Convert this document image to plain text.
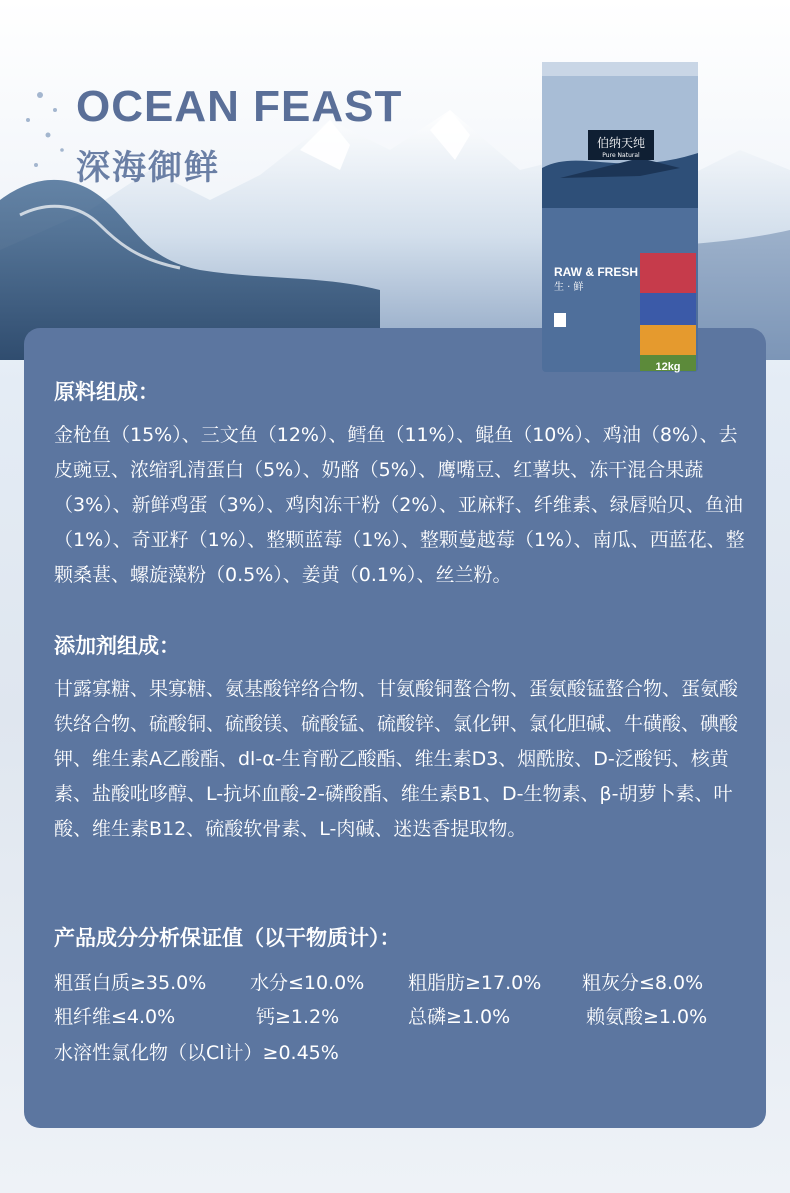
OCEAN FEAST
深海御鲜
伯纳天纯
Pure Natural
RAW & FRESH
生 · 鲜
12kg
原料组成：

金枪鱼（15%）、三文鱼（12%）、鳕鱼（11%）、鲲鱼（10%）、鸡油（8%）、去皮豌豆、浓缩乳清蛋白（5%）、奶酪（5%）、鹰嘴豆、红薯块、冻干混合果蔬（3%）、新鲜鸡蛋（3%）、鸡肉冻干粉（2%）、亚麻籽、纤维素、绿唇贻贝、鱼油（1%）、奇亚籽（1%）、整颗蓝莓（1%）、整颗蔓越莓（1%）、南瓜、西蓝花、整颗桑葚、螺旋藻粉（0.5%）、姜黄（0.1%）、丝兰粉。

添加剂组成：

甘露寡糖、果寡糖、氨基酸锌络合物、甘氨酸铜螯合物、蛋氨酸锰螯合物、蛋氨酸铁络合物、硫酸铜、硫酸镁、硫酸锰、硫酸锌、氯化钾、氯化胆碱、牛磺酸、碘酸钾、维生素A乙酸酯、dl-α-生育酚乙酸酯、维生素D3、烟酰胺、D-泛酸钙、核黄素、盐酸吡哆醇、L-抗坏血酸-2-磷酸酯、维生素B1、D-生物素、β-胡萝卜素、叶酸、维生素B12、硫酸软骨素、L-肉碱、迷迭香提取物。

产品成分分析保证值（以干物质计）：
粗蛋白质≥35.0% 水分≤10.0% 粗脂肪≥17.0% 粗灰分≤8.0%
粗纤维≤4.0%	钙≥1.2%	总磷≥1.0%	赖氨酸≥1.0%
水溶性氯化物（以Cl计）≥0.45%
